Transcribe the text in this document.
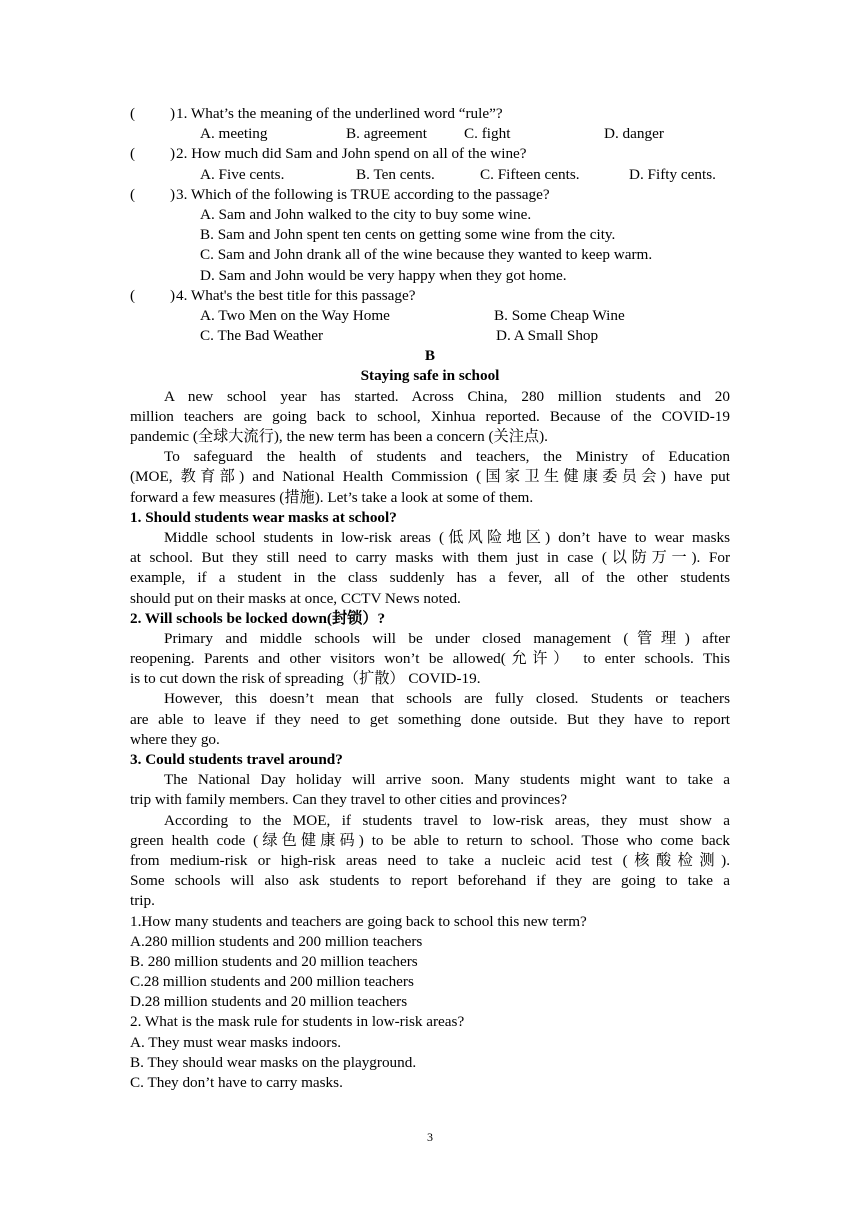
( )1. What’s the meaning of the underlined word “rule”?
A. meeting	B. agreement C. fight	D. danger
( )2. How much did Sam and John spend on all of the wine?
A. Five cents.	B. Ten cents.	C. Fifteen cents.	D. Fifty cents.
( )3. Which of the following is TRUE according to the passage?
A. Sam and John walked to the city to buy some wine.
B. Sam and John spent ten cents on getting some wine from the city.
C. Sam and John drank all of the wine because they wanted to keep warm.
D. Sam and John would be very happy when they got home.
( )4. What's the best title for this passage?
A. Two Men on the Way Home	B. Some Cheap Wine
C. The Bad Weather	D. A Small Shop
B
Staying safe in school
A new school year has started. Across China, 280 million students and 20
million teachers are going back to school, Xinhua reported. Because of the COVID-19
pandemic (全球大流行), the new term has been a concern (关注点).
To safeguard the health of students and teachers, the Ministry of Education
(MOE, 教育部) and National Health Commission (国家卫生健康委员会) have put
forward a few measures (措施). Let’s take a look at some of them.
1. Should students wear masks at school?
Middle school students in low-risk areas (低风险地区) don’t have to wear masks
at school. But they still need to carry masks with them just in case (以防万一). For
example, if a student in the class suddenly has a fever, all of the other students
should put on their masks at once, CCTV News noted.
2. Will schools be locked down(封锁）?
Primary and middle schools will be under closed management (管理) after
reopening. Parents and other visitors won’t be allowed(允许） to enter schools. This
is to cut down the risk of spreading（扩散） COVID-19.
However, this doesn’t mean that schools are fully closed. Students or teachers
are able to leave if they need to get something done outside. But they have to report
where they go.
3. Could students travel around?
The National Day holiday will arrive soon. Many students might want to take a
trip with family members. Can they travel to other cities and provinces?
According to the MOE, if students travel to low-risk areas, they must show a
green health code (绿色健康码) to be able to return to school. Those who come back
from medium-risk or high-risk areas need to take a nucleic acid test (核酸检测).
Some schools will also ask students to report beforehand if they are going to take a
trip.
1.How many students and teachers are going back to school this new term?
A.280 million students and 200 million teachers
B. 280 million students and 20 million teachers
C.28 million students and 200 million teachers
D.28 million students and 20 million teachers
2. What is the mask rule for students in low-risk areas?
A. They must wear masks indoors.
B. They should wear masks on the playground.
C. They don’t have to carry masks.
3
